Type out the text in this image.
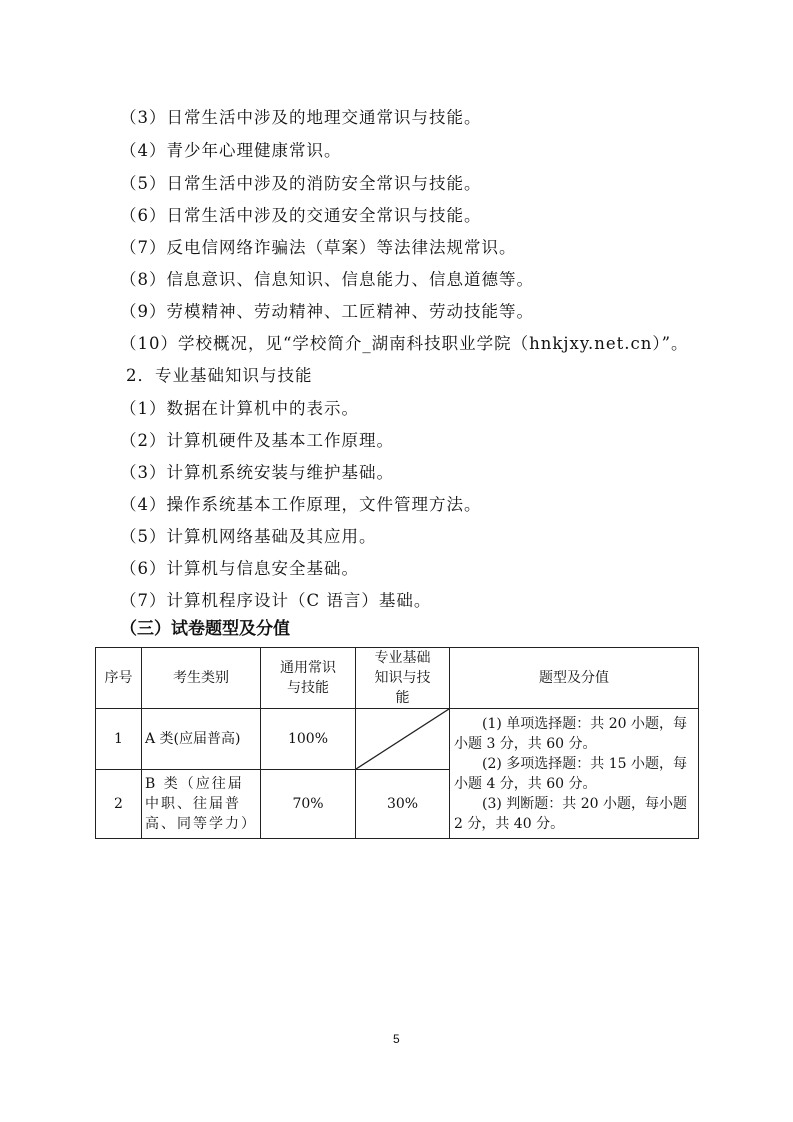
（3）日常生活中涉及的地理交通常识与技能。
（4）青少年心理健康常识。
（5）日常生活中涉及的消防安全常识与技能。
（6）日常生活中涉及的交通安全常识与技能。
（7）反电信网络诈骗法（草案）等法律法规常识。
（8）信息意识、信息知识、信息能力、信息道德等。
（9）劳模精神、劳动精神、工匠精神、劳动技能等。
（10）学校概况，见“学校简介_湖南科技职业学院（hnkjxy.net.cn）”。
2．专业基础知识与技能
（1）数据在计算机中的表示。
（2）计算机硬件及基本工作原理。
（3）计算机系统安装与维护基础。
（4）操作系统基本工作原理，文件管理方法。
（5）计算机网络基础及其应用。
（6）计算机与信息安全基础。
（7）计算机程序设计（C 语言）基础。
（三）试卷题型及分值
序号	考生类别	通用常识与技能	专业基础知识与技能	题型及分值
1	A 类(应届普高)	100%		(1) 单项选择题：共 20 小题，每小题 3 分，共 60 分。
(2) 多项选择题：共 15 小题，每小题 4 分，共 60 分。
(3) 判断题：共 20 小题，每小题 2 分，共 40 分。

2	B 类（应往届中职、往届普高、同等学力）	70%	30%	
5
